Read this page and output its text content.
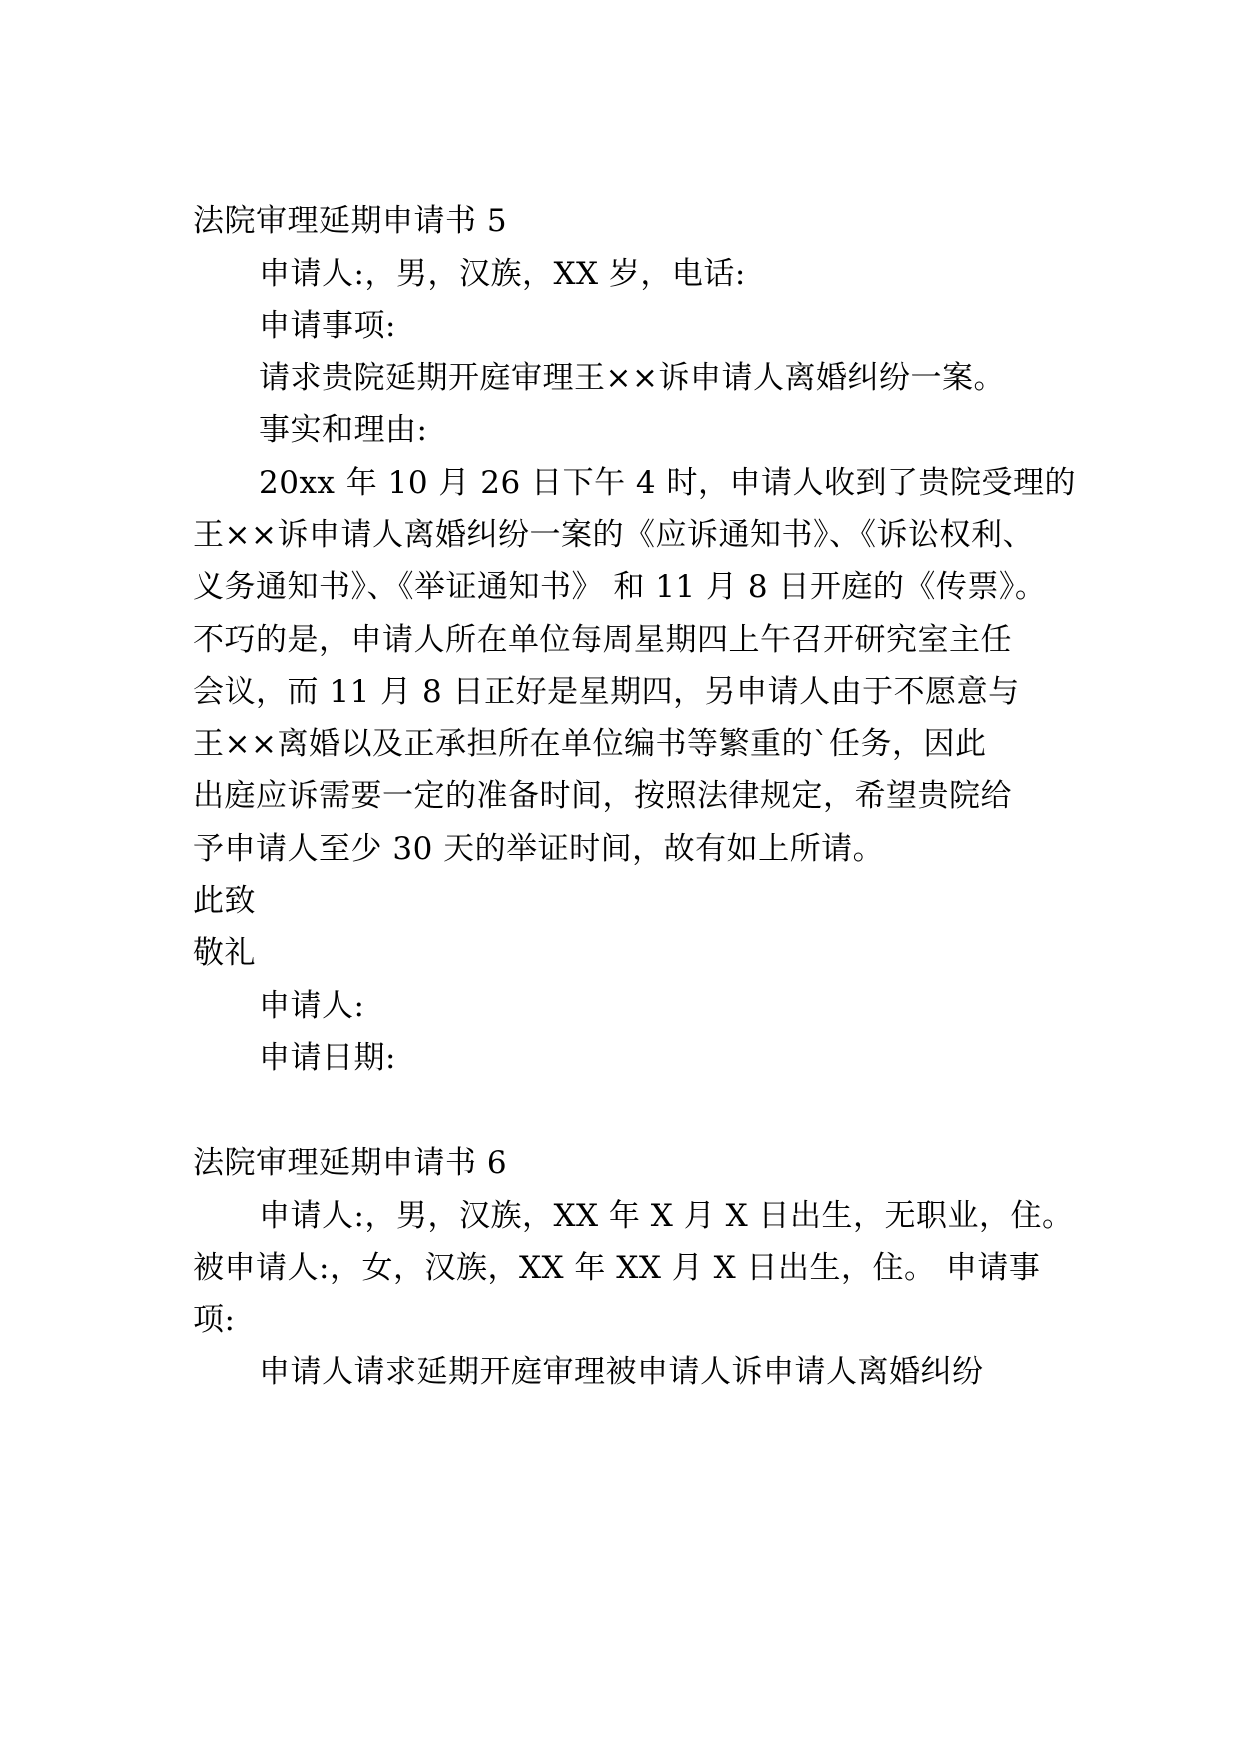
法院审理延期申请书 5
申请人:，男，汉族，XX 岁，电话:
申请事项:
请求贵院延期开庭审理王××诉申请人离婚纠纷一案。
事实和理由:
20xx 年 10 月 26 日下午 4 时，申请人收到了贵院受理的
王××诉申请人离婚纠纷一案的《应诉通知书》、《诉讼权利、
义务通知书》、《举证通知书》 和 11 月 8 日开庭的《传票》。
不巧的是，申请人所在单位每周星期四上午召开研究室主任
会议，而 11 月 8 日正好是星期四，另申请人由于不愿意与
王××离婚以及正承担所在单位编书等繁重的`任务，因此
出庭应诉需要一定的准备时间，按照法律规定，希望贵院给
予申请人至少 30 天的举证时间，故有如上所请。
此致
敬礼
申请人:
申请日期:
法院审理延期申请书 6
申请人:，男，汉族，XX 年 X 月 X 日出生，无职业，住。
被申请人:，女，汉族，XX 年 XX 月 X 日出生，住。 申请事
项:
申请人请求延期开庭审理被申请人诉申请人离婚纠纷
